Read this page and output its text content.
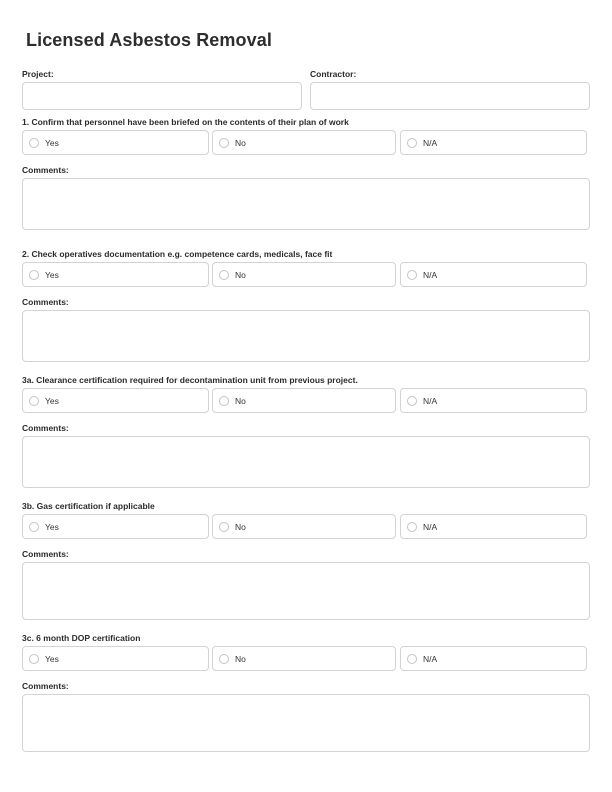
Licensed Asbestos Removal
Project:	Contractor:
1. Confirm that personnel have been briefed on the contents of their plan of work
Yes	No	N/A
Comments:
2. Check operatives documentation e.g. competence cards, medicals, face fit
Yes	No	N/A
Comments:
3a. Clearance certification required for decontamination unit from previous project.
Yes	No	N/A
Comments:
3b. Gas certification if applicable
Yes	No	N/A
Comments:
3c. 6 month DOP certification
Yes	No	N/A
Comments:
